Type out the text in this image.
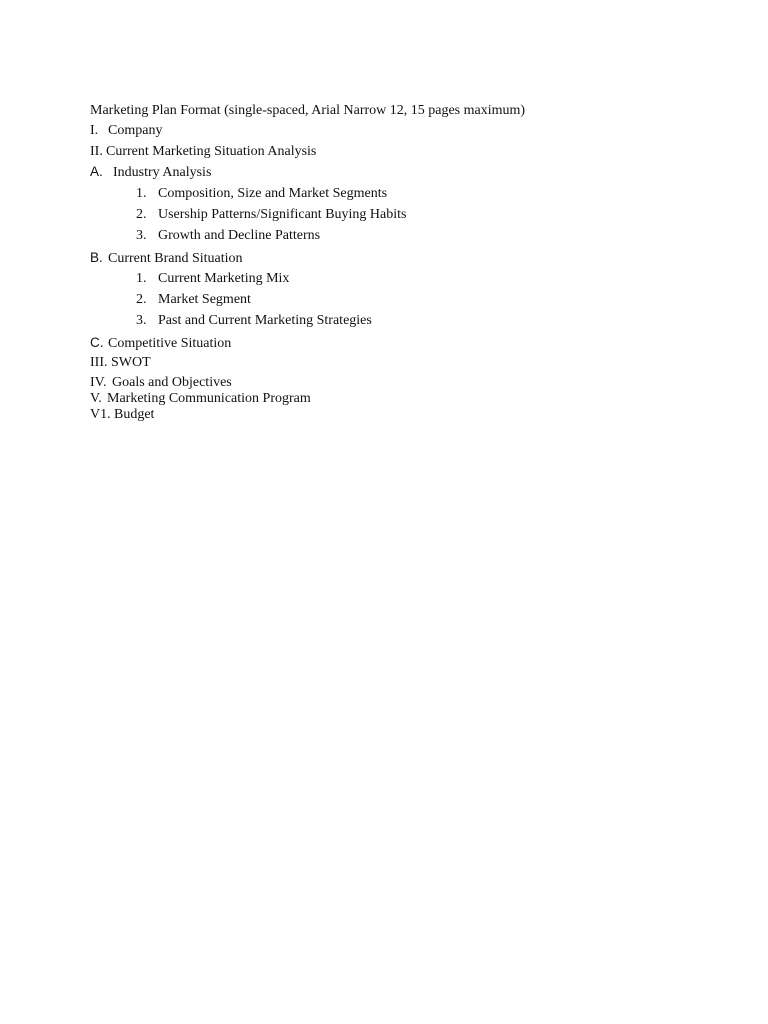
Marketing Plan Format (single-spaced, Arial Narrow 12, 15 pages maximum)
I. Company
II. Current Marketing Situation Analysis
A. Industry Analysis
1. Composition, Size and Market Segments
2. Usership Patterns/Significant Buying Habits
3. Growth and Decline Patterns
B. Current Brand Situation
1. Current Marketing Mix
2. Market Segment
3. Past and Current Marketing Strategies
C. Competitive Situation
III. SWOT
IV. Goals and Objectives
V. Marketing Communication Program
V1. Budget
